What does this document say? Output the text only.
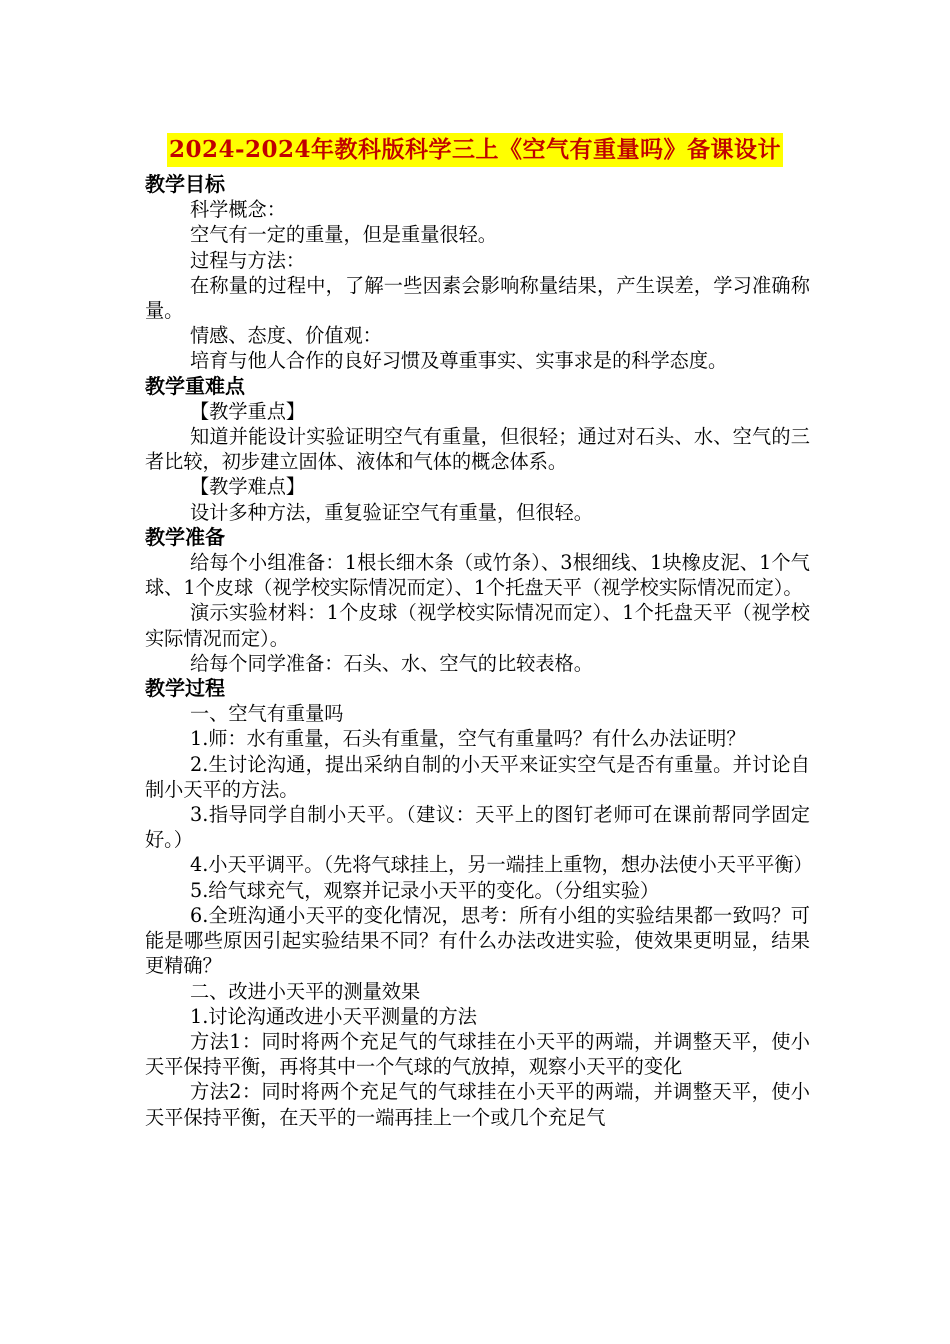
2024-2024年教科版科学三上《空气有重量吗》备课设计

教学目标

科学概念：

空气有一定的重量，但是重量很轻。

过程与方法：

在称量的过程中，了解一些因素会影响称量结果，产生误差，学习准确称量。

情感、态度、价值观：

培育与他人合作的良好习惯及尊重事实、实事求是的科学态度。

教学重难点

【教学重点】

知道并能设计实验证明空气有重量，但很轻；通过对石头、水、空气的三者比较，初步建立固体、液体和气体的概念体系。

【教学难点】

设计多种方法，重复验证空气有重量，但很轻。

教学准备

给每个小组准备：1根长细木条（或竹条）、3根细线、1块橡皮泥、1个气球、1个皮球（视学校实际情况而定）、1个托盘天平（视学校实际情况而定）。

演示实验材料：1个皮球（视学校实际情况而定）、1个托盘天平（视学校实际情况而定）。

给每个同学准备：石头、水、空气的比较表格。

教学过程

一、空气有重量吗

1.师：水有重量，石头有重量，空气有重量吗？有什么办法证明？

2.生讨论沟通，提出采纳自制的小天平来证实空气是否有重量。并讨论自制小天平的方法。

3.指导同学自制小天平。（建议：天平上的图钉老师可在课前帮同学固定好。）

4.小天平调平。（先将气球挂上，另一端挂上重物，想办法使小天平平衡）

5.给气球充气，观察并记录小天平的变化。（分组实验）

6.全班沟通小天平的变化情况，思考：所有小组的实验结果都一致吗？可能是哪些原因引起实验结果不同？有什么办法改进实验，使效果更明显，结果更精确？

二、改进小天平的测量效果

1.讨论沟通改进小天平测量的方法

方法1：同时将两个充足气的气球挂在小天平的两端，并调整天平，使小天平保持平衡，再将其中一个气球的气放掉，观察小天平的变化

方法2：同时将两个充足气的气球挂在小天平的两端，并调整天平，使小天平保持平衡，在天平的一端再挂上一个或几个充足气
